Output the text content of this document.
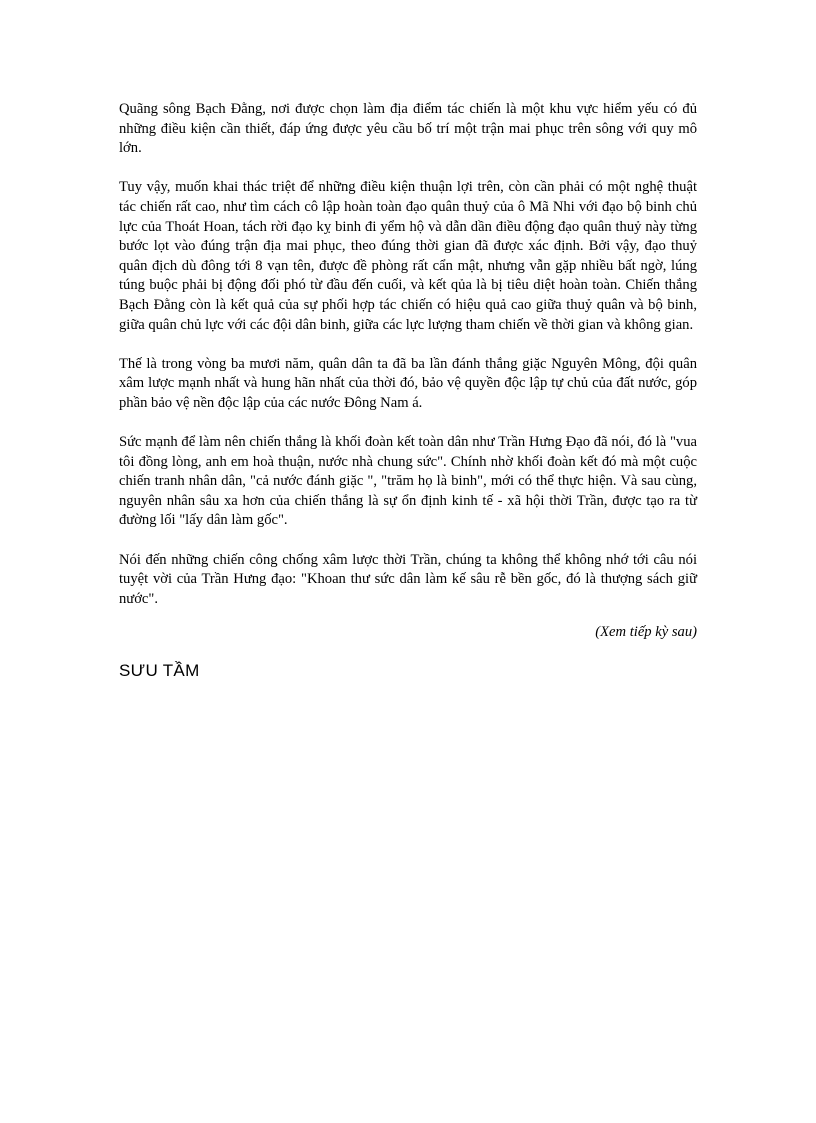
Quãng sông Bạch Đằng, nơi được chọn làm địa điểm tác chiến là một khu vực hiểm yếu có đủ những điều kiện cần thiết, đáp ứng được yêu cầu bố trí một trận mai phục trên sông với quy mô lớn.

Tuy vậy, muốn khai thác triệt để những điều kiện thuận lợi trên, còn cần phải có một nghệ thuật tác chiến rất cao, như tìm cách cô lập hoàn toàn đạo quân thuỷ của ô Mã Nhi với đạo bộ binh chủ lực của Thoát Hoan, tách rời đạo kỵ binh đi yểm hộ và dẫn dần điều động đạo quân thuỷ này từng bước lọt vào đúng trận địa mai phục, theo đúng thời gian đã được xác định. Bởi vậy, đạo thuỷ quân địch dù đông tới 8 vạn tên, được đề phòng rất cẩn mật, nhưng vẫn gặp nhiều bất ngờ, lúng túng buộc phải bị động đối phó từ đầu đến cuối, và kết qủa là bị tiêu diệt hoàn toàn. Chiến thắng Bạch Đằng còn là kết quả của sự phối hợp tác chiến có hiệu quả cao giữa thuỷ quân và bộ binh, giữa quân chủ lực với các đội dân binh, giữa các lực lượng tham chiến về thời gian và không gian.

Thế là trong vòng ba mươi năm, quân dân ta đã ba lần đánh thắng giặc Nguyên Mông, đội quân xâm lược mạnh nhất và hung hãn nhất của thời đó, bảo vệ quyền độc lập tự chủ của đất nước, góp phần bảo vệ nền độc lập của các nước Đông Nam á.

Sức mạnh để làm nên chiến thắng là khối đoàn kết toàn dân như Trần Hưng Đạo đã nói, đó là "vua tôi đồng lòng, anh em hoà thuận, nước nhà chung sức". Chính nhờ khối đoàn kết đó mà một cuộc chiến tranh nhân dân, "cả nước đánh giặc ", "trăm họ là binh", mới có thể thực hiện. Và sau cùng, nguyên nhân sâu xa hơn của chiến thắng là sự ổn định kinh tế - xã hội thời Trần, được tạo ra từ đường lối "lấy dân làm gốc".

Nói đến những chiến công chống xâm lược thời Trần, chúng ta không thể không nhớ tới câu nói tuyệt vời của Trần Hưng đạo: "Khoan thư sức dân làm kế sâu rễ bền gốc, đó là thượng sách giữ nước".

(Xem tiếp kỳ sau)

SƯU TẦM
